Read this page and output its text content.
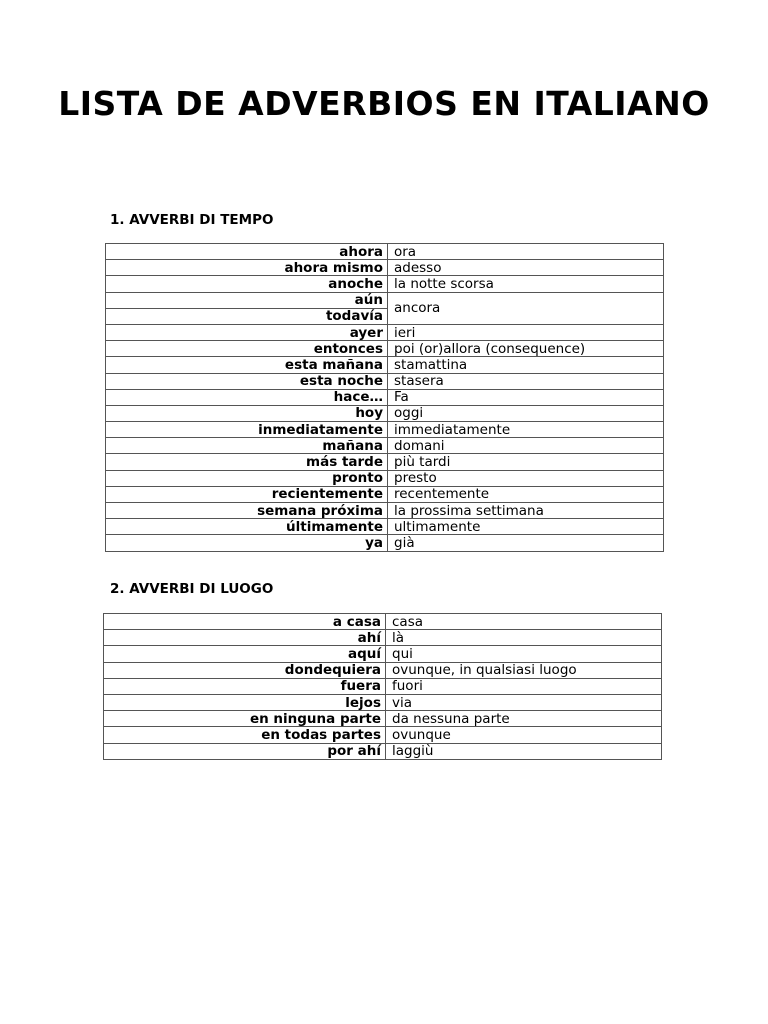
LISTA DE ADVERBIOS EN ITALIANO
1. AVVERBI DI TEMPO
ahora	ora
ahora mismo	adesso
anoche	la notte scorsa
aún	ancora
todavía	
ayer	ieri
entonces	poi (or)allora (consequence)
esta mañana	stamattina
esta noche	stasera
hace…	Fa
hoy	oggi
inmediatamente	immediatamente
mañana	domani
más tarde	più tardi
pronto	presto
recientemente	recentemente
semana próxima	la prossima settimana
últimamente	ultimamente
ya	già
2. AVVERBI DI LUOGO
a casa	casa
ahí	là
aquí	qui
dondequiera	ovunque, in qualsiasi luogo
fuera	fuori
lejos	via
en ninguna parte	da nessuna parte
en todas partes	ovunque
por ahí	laggiù
